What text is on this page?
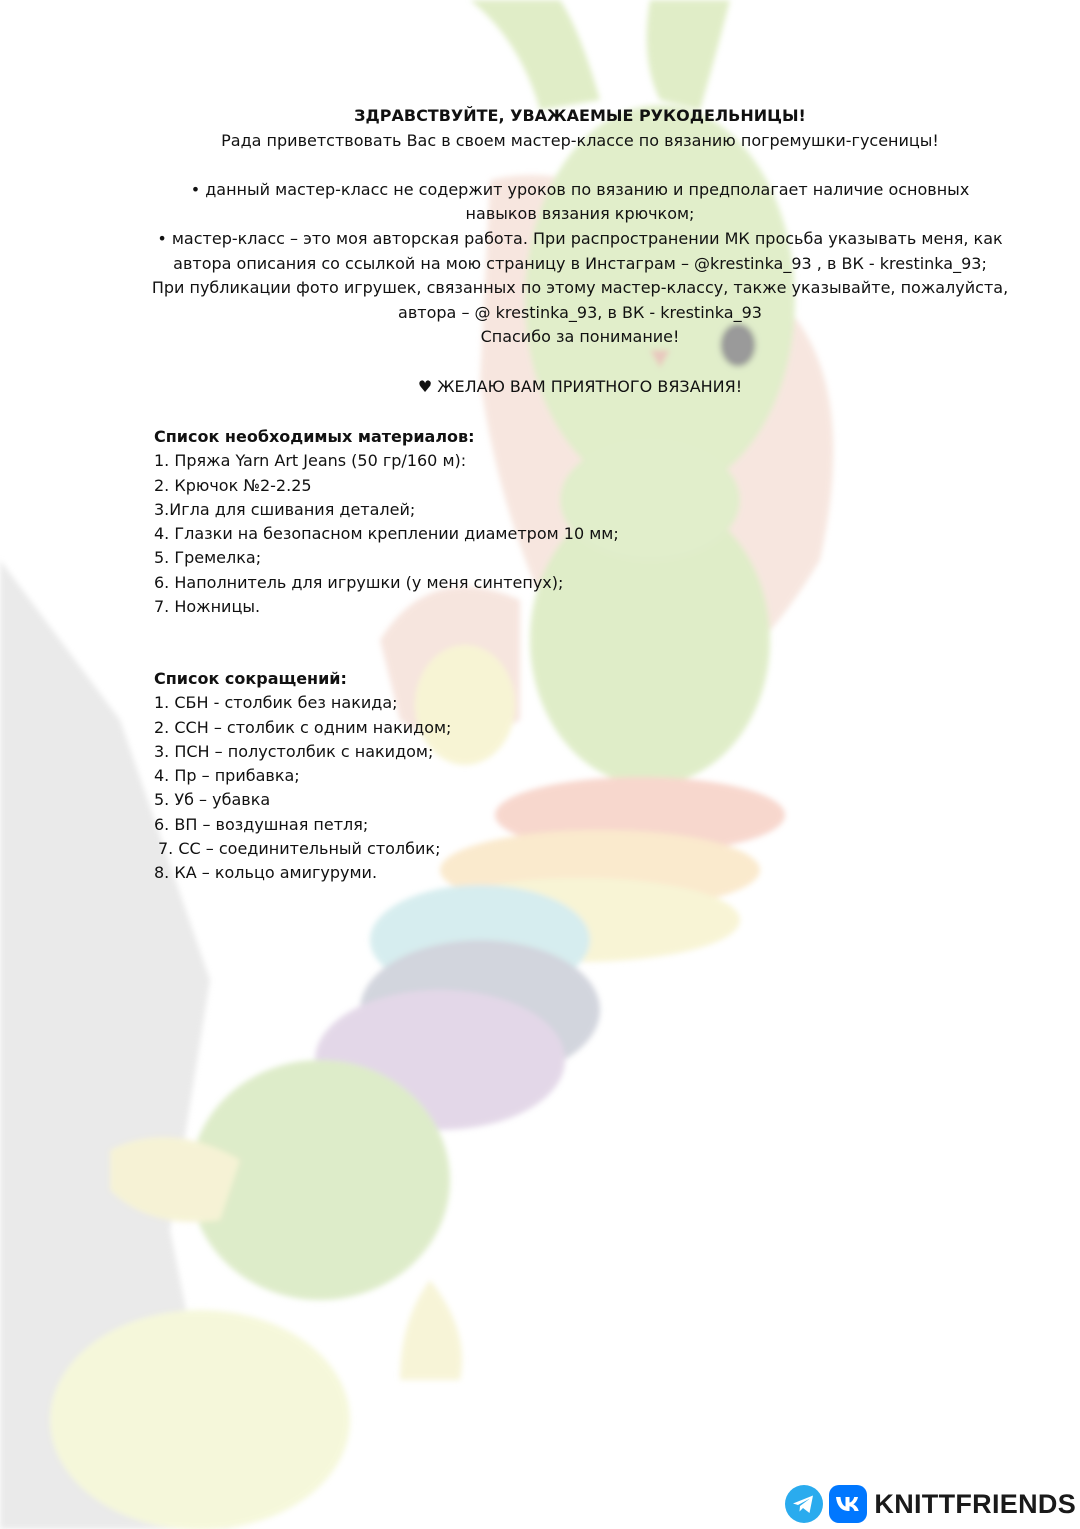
ЗДРАВСТВУЙТЕ, УВАЖАЕМЫЕ РУКОДЕЛЬНИЦЫ!

Рада приветствовать Вас в своем мастер-классе по вязанию погремушки-гусеницы!

• данный мастер-класс не содержит уроков по вязанию и предполагает наличие основных

навыков вязания крючком;

• мастер-класс – это моя авторская работа. При распространении МК просьба указывать меня, как

автора описания со ссылкой на мою страницу в Инстаграм – @krestinka_93 , в ВК - krestinka_93;

При публикации фото игрушек, связанных по этому мастер-классу, также указывайте, пожалуйста,

автора – @ krestinka_93, в ВК - krestinka_93

Спасибо за понимание!

♥ ЖЕЛАЮ ВАМ ПРИЯТНОГО ВЯЗАНИЯ!

Список необходимых материалов:

1. Пряжа Yarn Art Jeans (50 гр/160 м):

2. Крючок №2-2.25

3.Игла для сшивания деталей;

4. Глазки на безопасном креплении диаметром 10 мм;

5. Гремелка;

6. Наполнитель для игрушки (у меня синтепух);

7. Ножницы.

Список сокращений:

1. СБН - столбик без накида;

2. ССН – столбик с одним накидом;

3. ПСН – полустолбик с накидом;

4. Пр – прибавка;

5. Уб – убавка

6. ВП – воздушная петля;

7. СС – соединительный столбик;

8. КА – кольцо амигуруми.

KNITTFRIENDS
